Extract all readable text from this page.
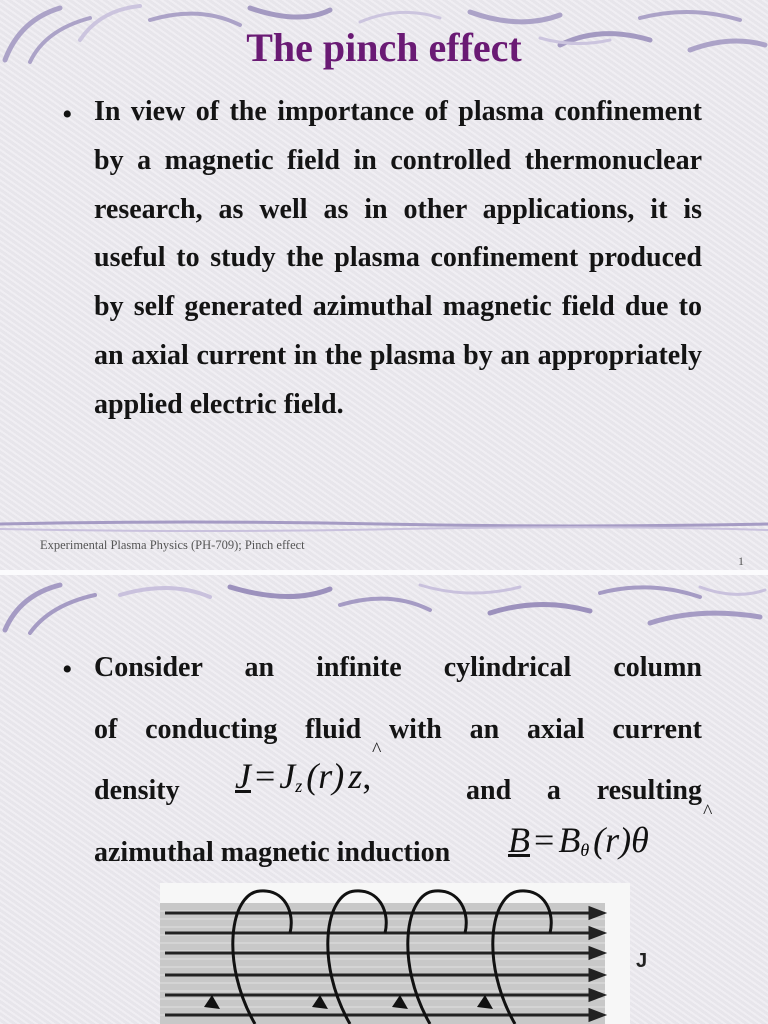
The pinch effect
• In view of the importance of plasma confinement by a magnetic field in controlled thermonuclear research, as well as in other applications, it is useful to study the plasma confinement produced by self generated azimuthal magnetic field due to an axial current in the plasma by an appropriately applied electric field.

Experimental Plasma Physics (PH-709); Pinch effect
1
• Consider an infinite cylindrical column
of conducting fluid with an axial current
^
density	$J = J_z$ (r) z,	and a resulting
^
azimuthal magnetic induction	$B = B_\theta$ (r)θ
J
